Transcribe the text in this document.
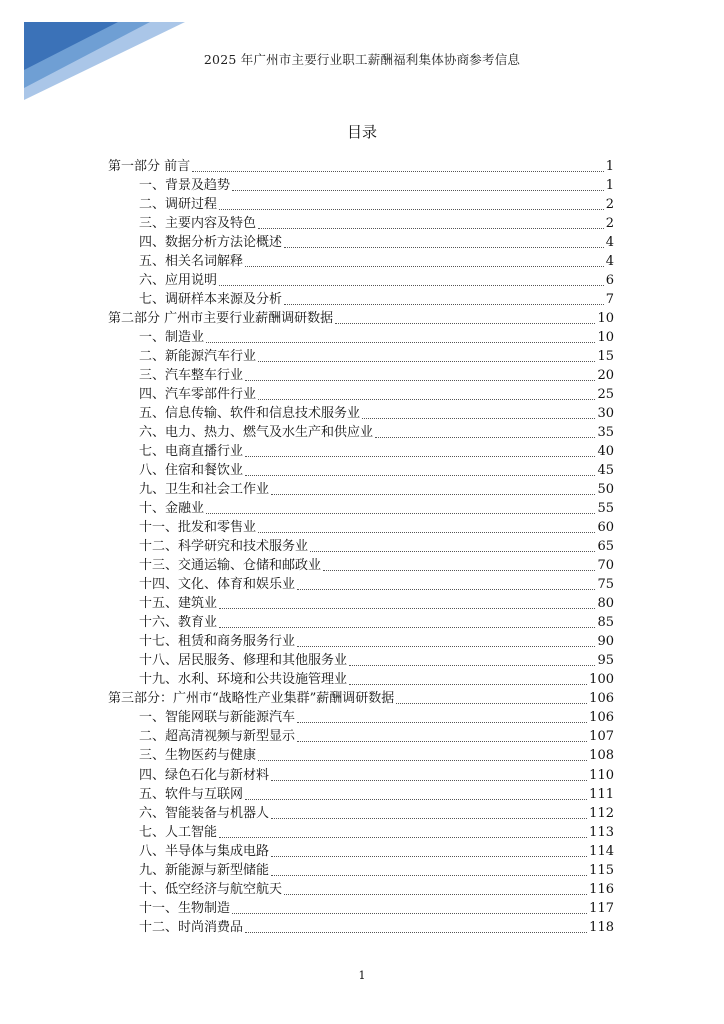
2025 年广州市主要行业职工薪酬福利集体协商参考信息
目录
第一部分 前言	1
一、背景及趋势	1
二、调研过程	2
三、主要内容及特色	2
四、数据分析方法论概述	4
五、相关名词解释	4
六、应用说明	6
七、调研样本来源及分析	7
第二部分 广州市主要行业薪酬调研数据	10
一、制造业	10
二、新能源汽车行业	15
三、汽车整车行业	20
四、汽车零部件行业	25
五、信息传输、软件和信息技术服务业	30
六、电力、热力、燃气及水生产和供应业	35
七、电商直播行业	40
八、住宿和餐饮业	45
九、卫生和社会工作业	50
十、金融业	55
十一、批发和零售业	60
十二、科学研究和技术服务业	65
十三、交通运输、仓储和邮政业	70
十四、文化、体育和娱乐业	75
十五、建筑业	80
十六、教育业	85
十七、租赁和商务服务行业	90
十八、居民服务、修理和其他服务业	95
十九、水利、环境和公共设施管理业	100
第三部分：广州市“战略性产业集群”薪酬调研数据	106
一、智能网联与新能源汽车	106
二、超高清视频与新型显示	107
三、生物医药与健康	108
四、绿色石化与新材料	110
五、软件与互联网	111
六、智能装备与机器人	112
七、人工智能	113
八、半导体与集成电路	114
九、新能源与新型储能	115
十、低空经济与航空航天	116
十一、生物制造	117
十二、时尚消费品	118
1
